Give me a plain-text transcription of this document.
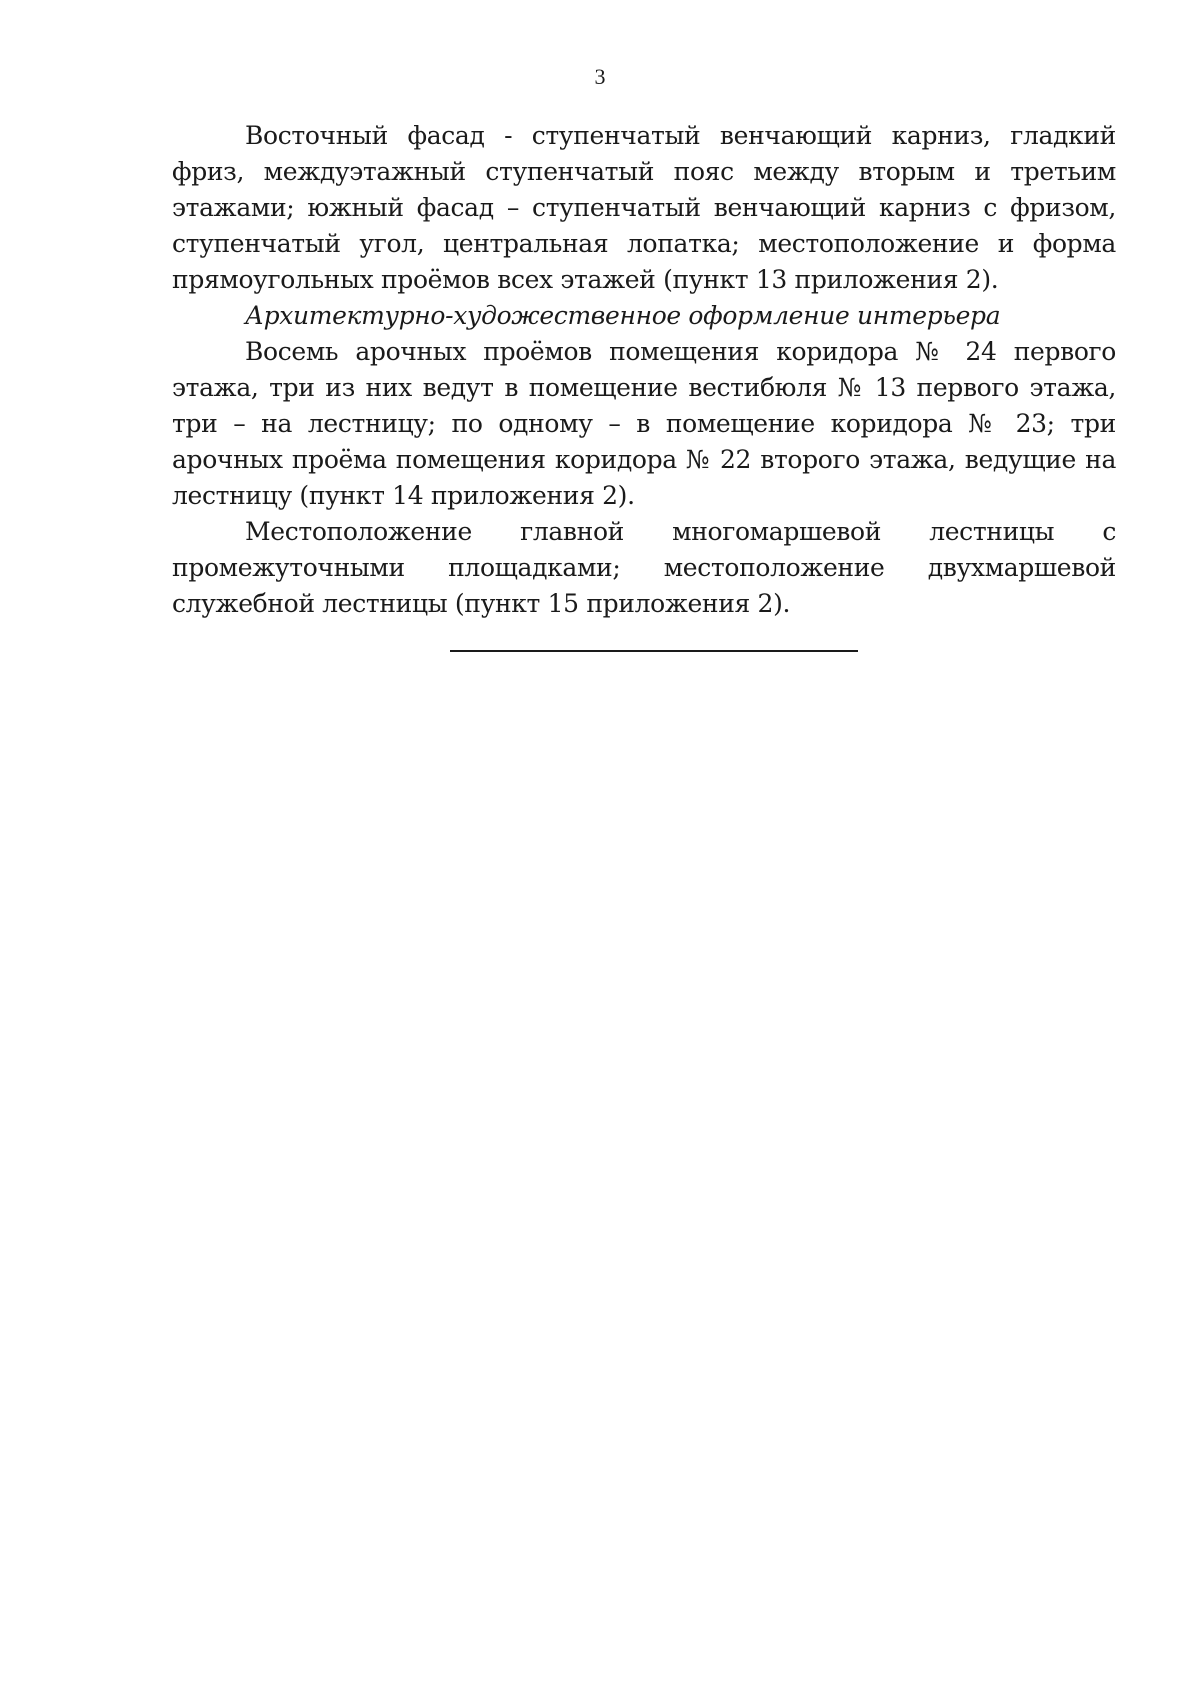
3

Восточный фасад - ступенчатый венчающий карниз, гладкий фриз, междуэтажный ступенчатый пояс между вторым и третьим этажами; южный фасад – ступенчатый венчающий карниз с фризом, ступенчатый угол, центральная лопатка; местоположение и форма прямоугольных проёмов всех этажей (пункт 13 приложения 2).

Архитектурно-художественное оформление интерьера

Восемь арочных проёмов помещения коридора № 24 первого этажа, три из них ведут в помещение вестибюля № 13 первого этажа, три – на лестницу; по одному – в помещение коридора № 23; три арочных проёма помещения коридора № 22 второго этажа, ведущие на лестницу (пункт 14 приложения 2).

Местоположение главной многомаршевой лестницы с промежуточными площадками; местоположение двухмаршевой служебной лестницы (пункт 15 приложения 2).
